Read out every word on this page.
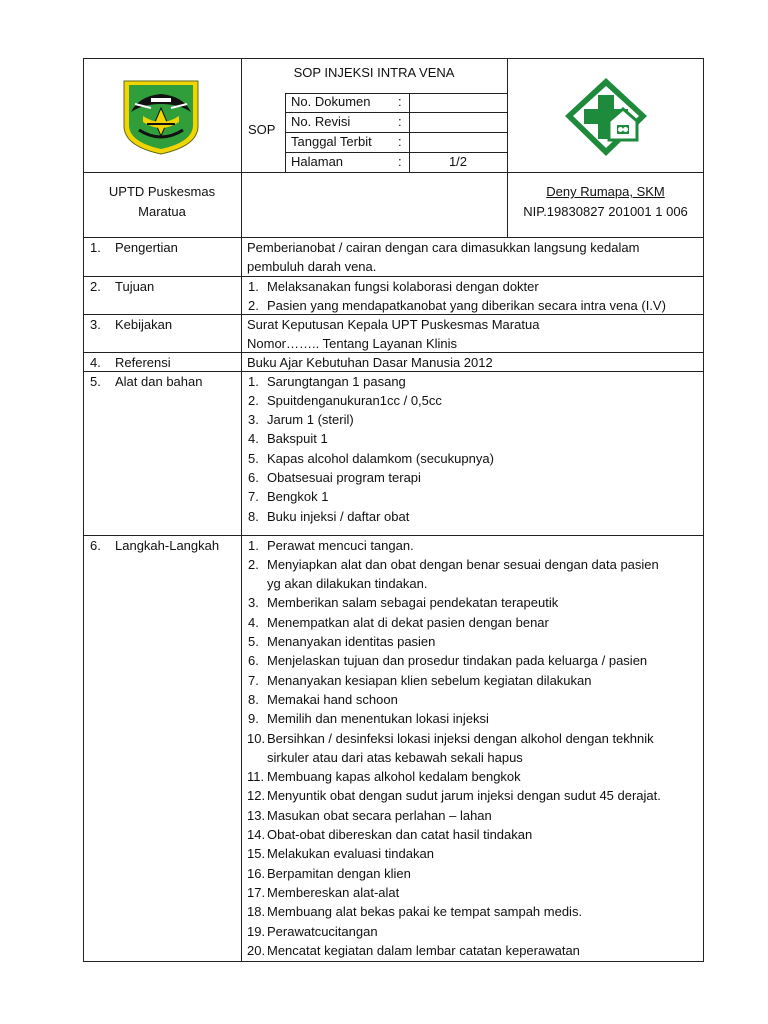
SOP INJEKSI INTRA VENA
SOP
No. Dokumen :
No. Revisi	:
Tanggal Terbit :
Halaman	:	1/2
UPTD Puskesmas
Maratua
Deny Rumapa, SKM
NIP.19830827 201001 1 006
1. Pengertian	Pemberianobat / cairan dengan cara dimasukkan langsung kedalam
pembuluh darah vena.
2. Tujuan	1. Melaksanakan fungsi kolaborasi dengan dokter
2. Pasien yang mendapatkanobat yang diberikan secara intra vena (I.V)
3. Kebijakan	Surat Keputusan Kepala UPT Puskesmas Maratua
Nomor…….. Tentang Layanan Klinis
4. Referensi	Buku Ajar Kebutuhan Dasar Manusia 2012
5. Alat dan bahan	1. Sarungtangan 1 pasang
2. Spuitdenganukuran1cc / 0,5cc
3. Jarum 1 (steril)
4. Bakspuit 1
5. Kapas alcohol dalamkom (secukupnya)
6. Obatsesuai program terapi
7. Bengkok 1
8. Buku injeksi / daftar obat
6. Langkah-Langkah 1. Perawat mencuci tangan.
2. Menyiapkan alat dan obat dengan benar sesuai dengan data pasien
yg akan dilakukan tindakan.
3. Memberikan salam sebagai pendekatan terapeutik
4. Menempatkan alat di dekat pasien dengan benar
5. Menanyakan identitas pasien
6. Menjelaskan tujuan dan prosedur tindakan pada keluarga / pasien
7. Menanyakan kesiapan klien sebelum kegiatan dilakukan
8. Memakai hand schoon
9. Memilih dan menentukan lokasi injeksi
10. Bersihkan / desinfeksi lokasi injeksi dengan alkohol dengan tekhnik
sirkuler atau dari atas kebawah sekali hapus
11. Membuang kapas alkohol kedalam bengkok
12. Menyuntik obat dengan sudut jarum injeksi dengan sudut 45 derajat.
13. Masukan obat secara perlahan – lahan
14. Obat-obat dibereskan dan catat hasil tindakan
15. Melakukan evaluasi tindakan
16. Berpamitan dengan klien
17. Membereskan alat-alat
18. Membuang alat bekas pakai ke tempat sampah medis.
19. Perawatcucitangan
20. Mencatat kegiatan dalam lembar catatan keperawatan
